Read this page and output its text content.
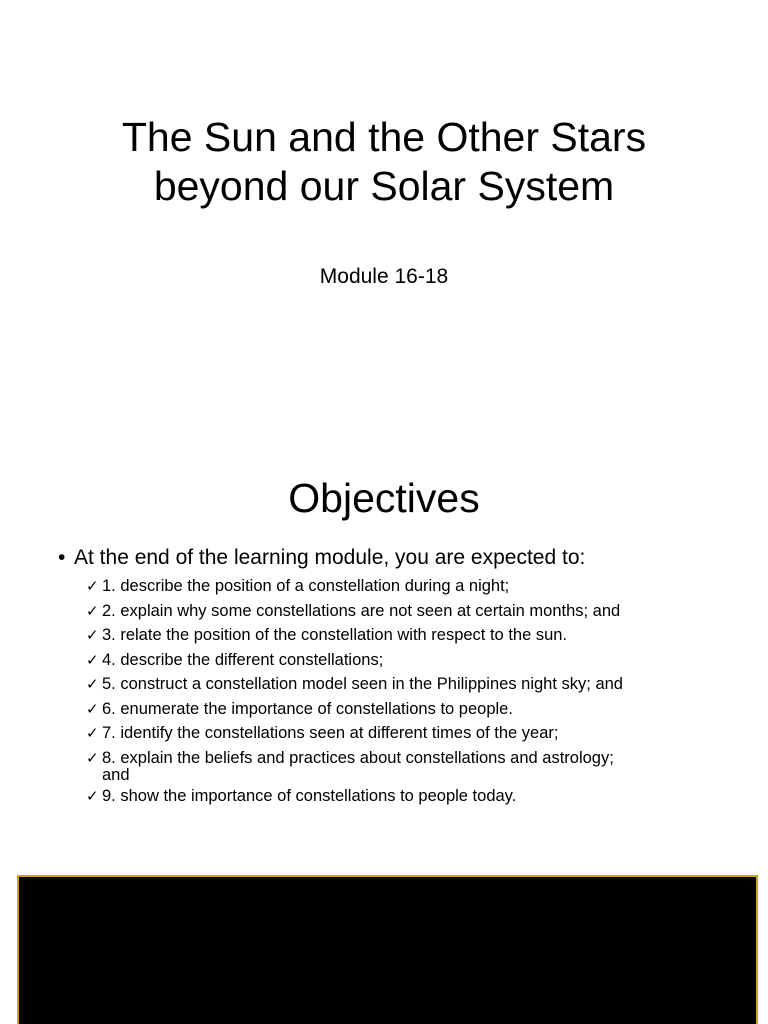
The Sun and the Other Stars
beyond our Solar System

Module 16-18

Objectives

• At the end of the learning module, you are expected to:

✓ 1. describe the position of a constellation during a night;
✓ 2. explain why some constellations are not seen at certain months; and
✓ 3. relate the position of the constellation with respect to the sun.
✓ 4. describe the different constellations;
✓ 5. construct a constellation model seen in the Philippines night sky; and
✓ 6. enumerate the importance of constellations to people.
✓ 7. identify the constellations seen at different times of the year;
✓ 8. explain the beliefs and practices about constellations and astrology;
and
✓ 9. show the importance of constellations to people today.
